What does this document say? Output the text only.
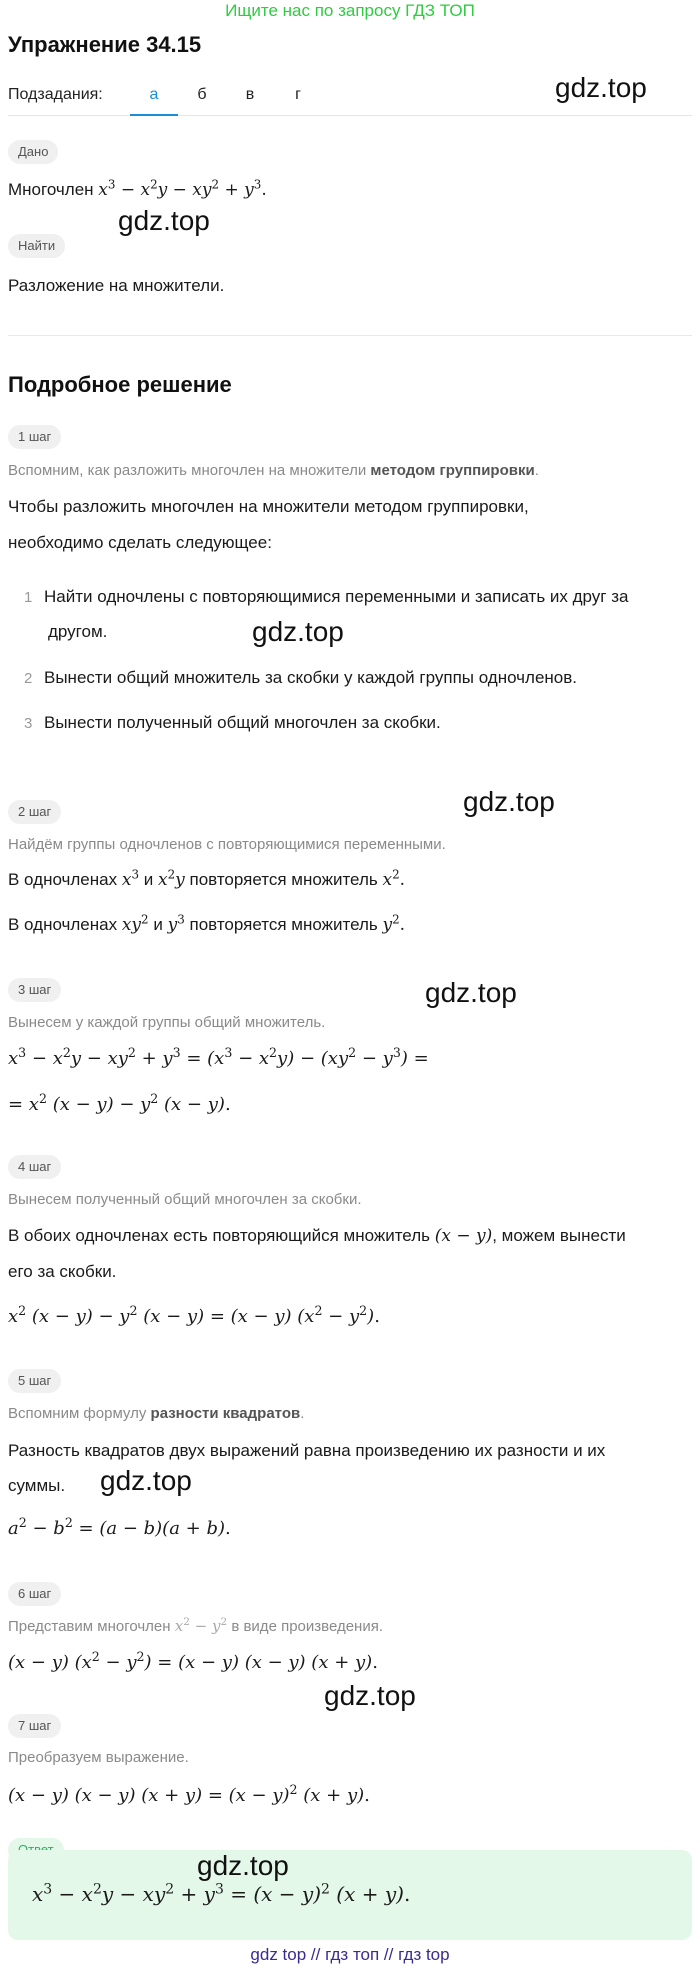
Ищите нас по запросу ГДЗ ТОП
Упражнение 34.15
Подзадания:	а	б	в	г	gdz.top
Дано
Многочлен $x^3 - x^2y - xy^2 + y^3$.
gdz.top
Найти
Разложение на множители.
Подробное решение
1 шаг
Вспомним, как разложить многочлен на множители методом группировки.
Чтобы разложить многочлен на множители методом группировки,
необходимо сделать следующее:
1 Найти одночлены с повторяющимися переменными и записать их друг за
другом.	gdz.top
2 Вынести общий множитель за скобки у каждой группы одночленов.
3 Вынести полученный общий многочлен за скобки.
gdz.top
2 шаг
Найдём группы одночленов с повторяющимися переменными.
В одночленах $x^3$ и $x^2y$ повторяется множитель $x^2$.
В одночленах $xy^2$ и $y^3$ повторяется множитель $y^2$.
3 шаг	gdz.top
Вынесем у каждой группы общий множитель.
$x^3 - x^2y - xy^2 + y^3 = (x^3 - x^2y) - (xy^2 - y^3)$ =
= $x^2$ $(x - y) - y^2$ (x − y).
4 шаг
Вынесем полученный общий многочлен за скобки.
В обоих одночленах есть повторяющийся множитель (x − y), можем вынести
его за скобки.
$x^2$ $(x - y) - y^2$ (x − y) = (x − y) $(x^2 - y^2)$.
5 шаг
Вспомним формулу разности квадратов.
Разность квадратов двух выражений равна произведению их разности и их
суммы. gdz.top
$a^2 - b^2 = (a - b)(a + b)$.
6 шаг
Представим многочлен $x^2 - y^2$ в виде произведения.
(x − y) $(x^2 - y^2) = (x - y) (x - y) (x + y)$.
gdz.top
7 шаг
Преобразуем выражение.
(x − y) (x − y) $(x + y) = (x - y)^2$ (x + y).
$x^3 - x^2y - xy^2 + y^3 = (x - y)^2$ (x + y).
gdz.top
gdz top // гдз топ // гдз top
